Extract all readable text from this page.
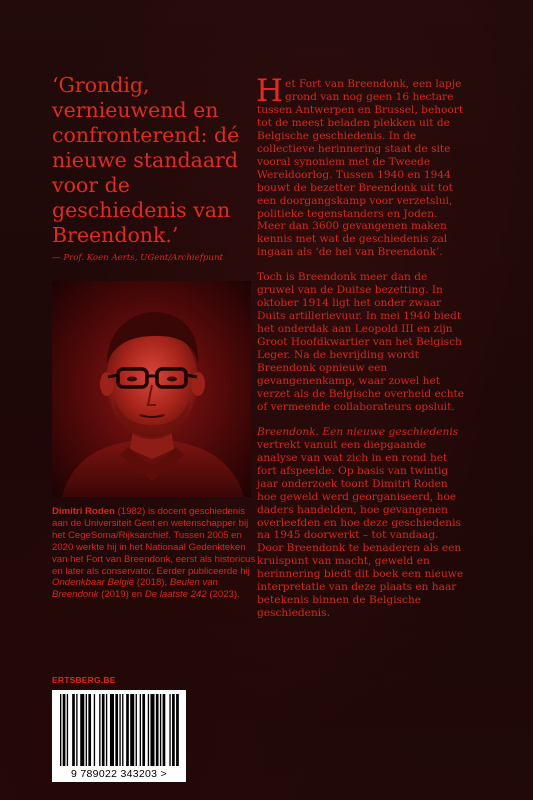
‘Grondig, vernieuwend en confronterend: dé nieuwe standaard voor de geschiedenis van Breendonk.’

— Prof. Koen Aerts, UGent/Archiefpunt

Dimitri Roden (1982) is docent geschiedenis aan de Universiteit Gent en wetenschapper bij het CegeSoma/Rijksarchief. Tussen 2005 en 2020 werkte hij in het Nationaal Gedenkteken van het Fort van Breendonk, eerst als historicus en later als conservator. Eerder publiceerde hij Ondenkbaar België (2018), Beulen van Breendonk (2019) en De laatste 242 (2023).

ERTSBERG.BE
9 789022 343203 >

Het Fort van Breendonk, een lapje grond van nog geen 16 hectare tussen Antwerpen en Brussel, behoort tot de meest beladen plekken uit de Belgische geschiedenis. In de collectieve herinnering staat de site vooral synoniem met de Tweede Wereldoorlog. Tussen 1940 en 1944 bouwt de bezetter Breendonk uit tot een doorgangskamp voor verzetslui, politieke tegenstanders en Joden. Meer dan 3600 gevangenen maken kennis met wat de geschiedenis zal ingaan als ‘de hel van Breendonk’.

Toch is Breendonk meer dan de gruwel van de Duitse bezetting. In oktober 1914 ligt het onder zwaar Duits artillerievuur. In mei 1940 biedt het onderdak aan Leopold III en zijn Groot Hoofdkwartier van het Belgisch Leger. Na de bevrijding wordt Breendonk opnieuw een gevangenenkamp, waar zowel het verzet als de Belgische overheid echte of vermeende collaborateurs opsluit.

Breendonk. Een nieuwe geschiedenis vertrekt vanuit een diepgaande analyse van wat zich in en rond het fort afspeelde. Op basis van twintig jaar onderzoek toont Dimitri Roden hoe geweld werd georganiseerd, hoe daders handelden, hoe gevangenen overleefden en hoe deze geschiedenis na 1945 doorwerkt – tot vandaag. Door Breendonk te benaderen als een kruispunt van macht, geweld en herinnering biedt dit boek een nieuwe interpretatie van deze plaats en haar betekenis binnen de Belgische geschiedenis.
